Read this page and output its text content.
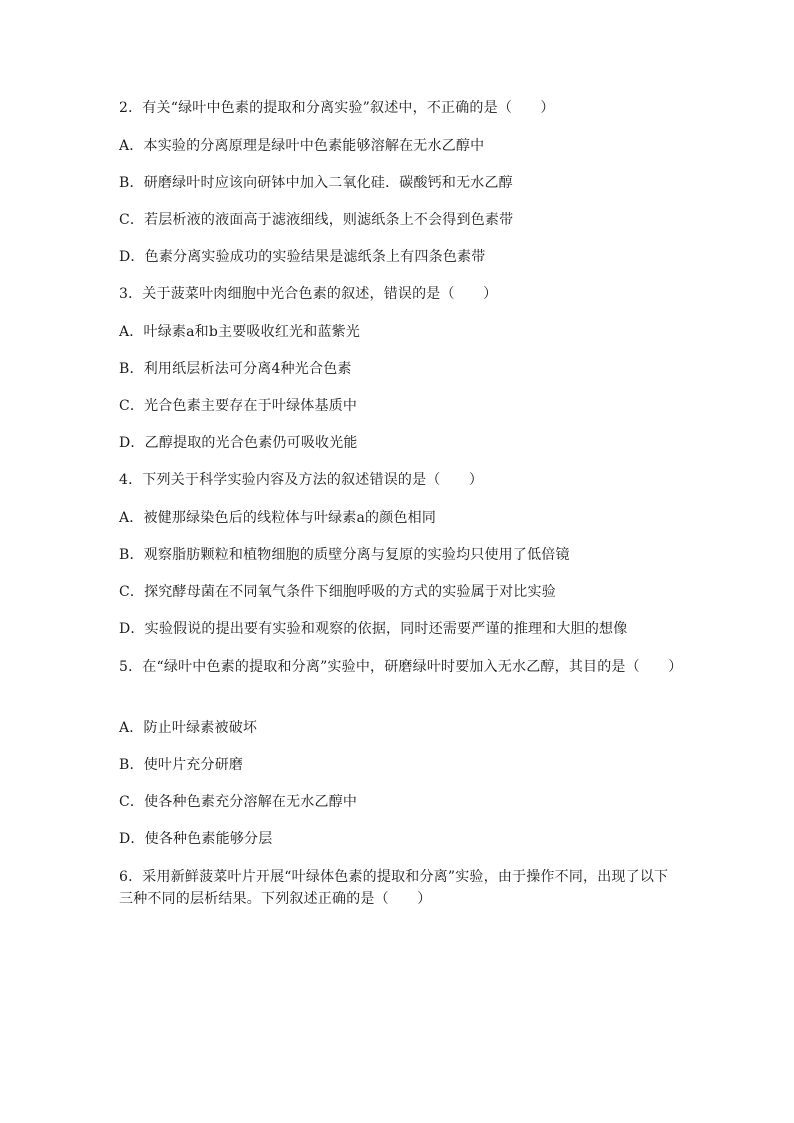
2．有关“绿叶中色素的提取和分离实验”叙述中，不正确的是（　　）
A．本实验的分离原理是绿叶中色素能够溶解在无水乙醇中
B．研磨绿叶时应该向研钵中加入二氧化硅．碳酸钙和无水乙醇
C．若层析液的液面高于滤液细线，则滤纸条上不会得到色素带
D．色素分离实验成功的实验结果是滤纸条上有四条色素带
3．关于菠菜叶肉细胞中光合色素的叙述，错误的是（　　）
A．叶绿素a和b主要吸收红光和蓝紫光
B．利用纸层析法可分离4种光合色素
C．光合色素主要存在于叶绿体基质中
D．乙醇提取的光合色素仍可吸收光能
4．下列关于科学实验内容及方法的叙述错误的是（　　）
A．被健那绿染色后的线粒体与叶绿素a的颜色相同
B．观察脂肪颗粒和植物细胞的质壁分离与复原的实验均只使用了低倍镜
C．探究酵母菌在不同氧气条件下细胞呼吸的方式的实验属于对比实验
D．实验假说的提出要有实验和观察的依据，同时还需要严谨的推理和大胆的想像
5．在“绿叶中色素的提取和分离”实验中，研磨绿叶时要加入无水乙醇，其目的是（　　）
A．防止叶绿素被破坏
B．使叶片充分研磨
C．使各种色素充分溶解在无水乙醇中
D．使各种色素能够分层
6．采用新鲜菠菜叶片开展“叶绿体色素的提取和分离”实验，由于操作不同，出现了以下三种不同的层析结果。下列叙述正确的是（　　）
